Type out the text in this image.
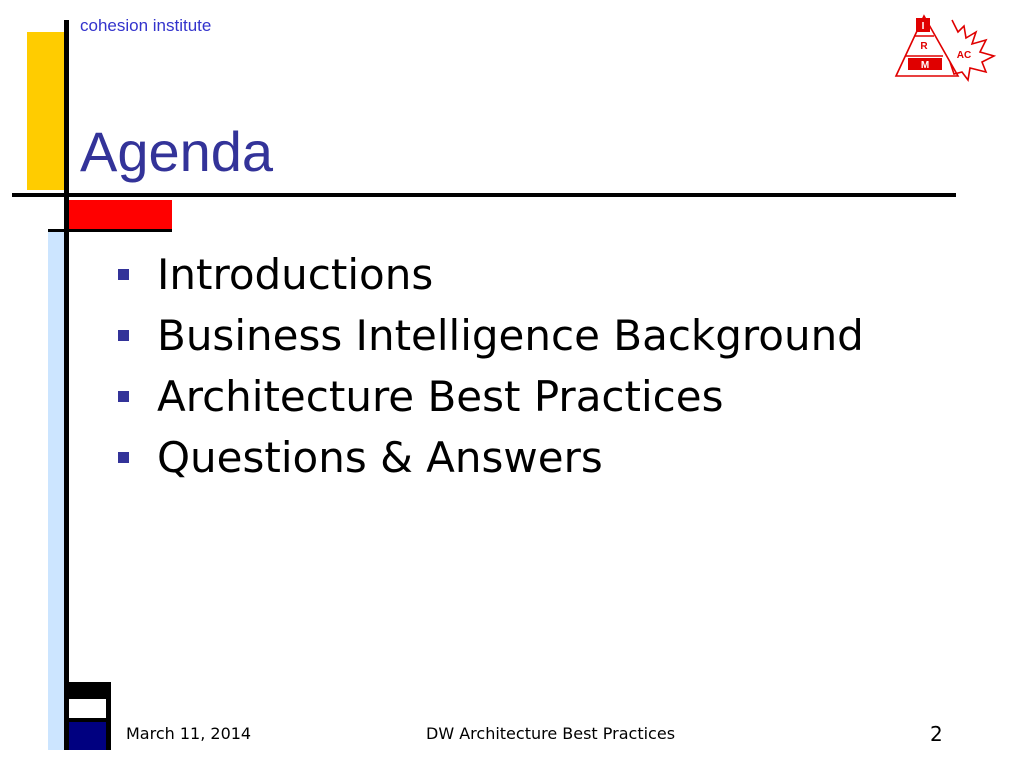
cohesion institute
Agenda
Introductions
Business Intelligence Background
Architecture Best Practices
Questions & Answers
I
R
M
AC
March 11, 2014	DW Architecture Best Practices	2
